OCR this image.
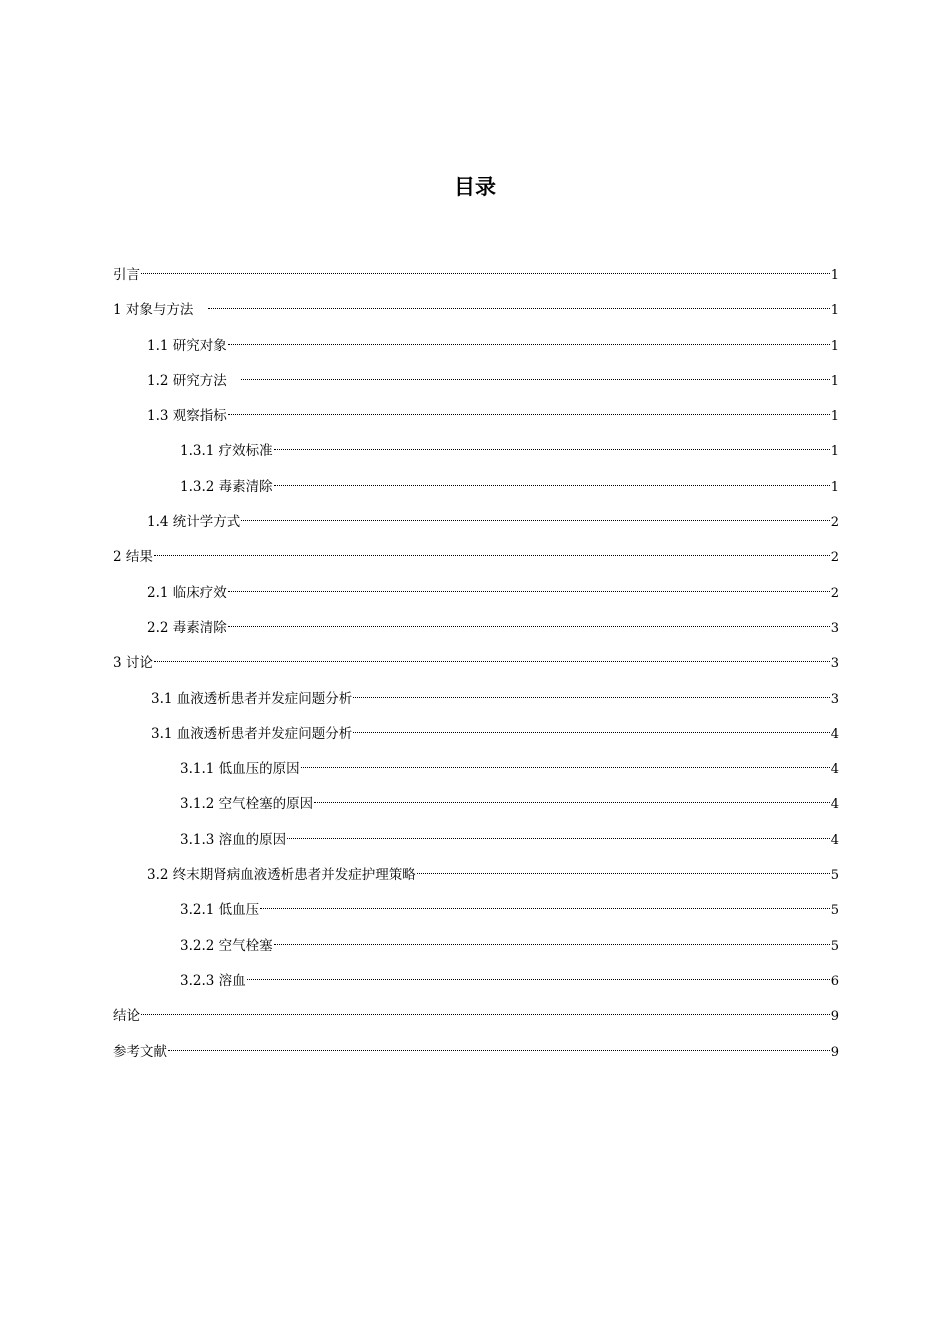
目录
引言	1
1 对象与方法　	1
1.1 研究对象	1
1.2 研究方法　	1
1.3 观察指标	1
1.3.1 疗效标准	1
1.3.2 毒素清除	1
1.4 统计学方式	2
2 结果	2
2.1 临床疗效	2
2.2 毒素清除	3
3 讨论	3
3.1 血液透析患者并发症问题分析	3
3.1 血液透析患者并发症问题分析	4
3.1.1 低血压的原因	4
3.1.2 空气栓塞的原因	4
3.1.3 溶血的原因	4
3.2 终末期肾病血液透析患者并发症护理策略	5
3.2.1 低血压	5
3.2.2 空气栓塞	5
3.2.3 溶血	6
结论	9
参考文献	9
